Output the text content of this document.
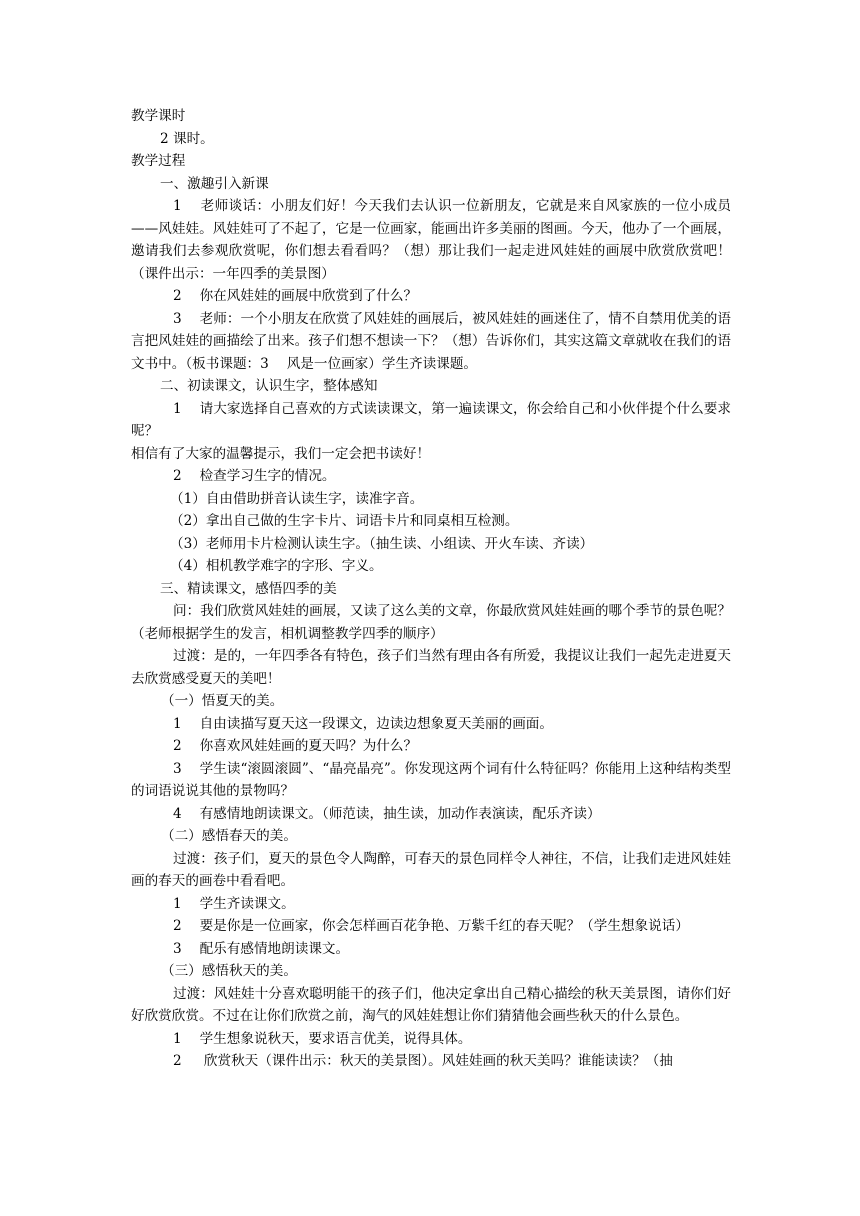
教学课时

2 课时。

教学过程

一、激趣引入新课

1　 老师谈话：小朋友们好！今天我们去认识一位新朋友，它就是来自风家族的一位小成员——风娃娃。风娃娃可了不起了，它是一位画家，能画出许多美丽的图画。今天，他办了一个画展，邀请我们去参观欣赏呢，你们想去看看吗？（想）那让我们一起走进风娃娃的画展中欣赏欣赏吧！（课件出示：一年四季的美景图）

2　 你在风娃娃的画展中欣赏到了什么？

3　 老师：一个小朋友在欣赏了风娃娃的画展后，被风娃娃的画迷住了，情不自禁用优美的语言把风娃娃的画描绘了出来。孩子们想不想读一下？（想）告诉你们，其实这篇文章就收在我们的语文书中。（板书课题：3　 风是一位画家）学生齐读课题。

二、初读课文，认识生字，整体感知

1　 请大家选择自己喜欢的方式读读课文，第一遍读课文，你会给自己和小伙伴提个什么要求呢？

相信有了大家的温馨提示，我们一定会把书读好！

2　 检查学习生字的情况。

（1）自由借助拼音认读生字，读准字音。

（2）拿出自己做的生字卡片、词语卡片和同桌相互检测。

（3）老师用卡片检测认读生字。（抽生读、小组读、开火车读、齐读）

（4）相机教学难字的字形、字义。

三、精读课文，感悟四季的美

问：我们欣赏风娃娃的画展，又读了这么美的文章，你最欣赏风娃娃画的哪个季节的景色呢？（老师根据学生的发言，相机调整教学四季的顺序）

过渡：是的，一年四季各有特色，孩子们当然有理由各有所爱，我提议让我们一起先走进夏天去欣赏感受夏天的美吧！

（一）悟夏天的美。

1　 自由读描写夏天这一段课文，边读边想象夏天美丽的画面。

2　 你喜欢风娃娃画的夏天吗？为什么？

3　 学生读“滚圆滚圆”、“晶亮晶亮”。你发现这两个词有什么特征吗？你能用上这种结构类型的词语说说其他的景物吗？

4　 有感情地朗读课文。（师范读，抽生读，加动作表演读，配乐齐读）

（二）感悟春天的美。

过渡：孩子们，夏天的景色令人陶醉，可春天的景色同样令人神往，不信，让我们走进风娃娃画的春天的画卷中看看吧。

1　 学生齐读课文。

2　 要是你是一位画家，你会怎样画百花争艳、万紫千红的春天呢？（学生想象说话）

3　 配乐有感情地朗读课文。

（三）感悟秋天的美。

过渡：风娃娃十分喜欢聪明能干的孩子们，他决定拿出自己精心描绘的秋天美景图，请你们好好欣赏欣赏。不过在让你们欣赏之前，淘气的风娃娃想让你们猜猜他会画些秋天的什么景色。

1　 学生想象说秋天，要求语言优美，说得具体。

2　  欣赏秋天（课件出示：秋天的美景图）。风娃娃画的秋天美吗？谁能读读？（抽
